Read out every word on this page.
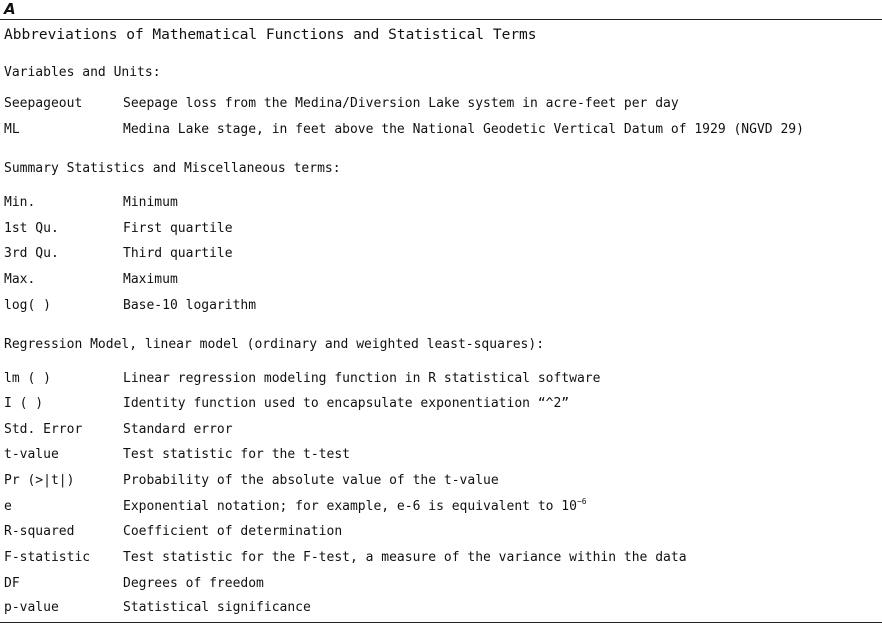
A
Abbreviations of Mathematical Functions and Statistical Terms
Variables and Units:
Seepageout	Seepage loss from the Medina/Diversion Lake system in acre-feet per day
ML	Medina Lake stage, in feet above the National Geodetic Vertical Datum of 1929 (NGVD 29)
Summary Statistics and Miscellaneous terms:
Min.	Minimum
1st Qu.	First quartile
3rd Qu.	Third quartile
Max.	Maximum
log( )	Base-10 logarithm
Regression Model, linear model (ordinary and weighted least-squares):
lm ( )	Linear regression modeling function in R statistical software
I ( )	Identity function used to encapsulate exponentiation “^2”
Std. Error	Standard error
t-value	Test statistic for the t-test
Pr (>|t|)	Probability of the absolute value of the t-value
e	Exponential notation; for example, e-6 is equivalent to $10^{-6}$
R-squared	Coefficient of determination
F-statistic	Test statistic for the F-test, a measure of the variance within the data
DF	Degrees of freedom
p-value	Statistical significance
